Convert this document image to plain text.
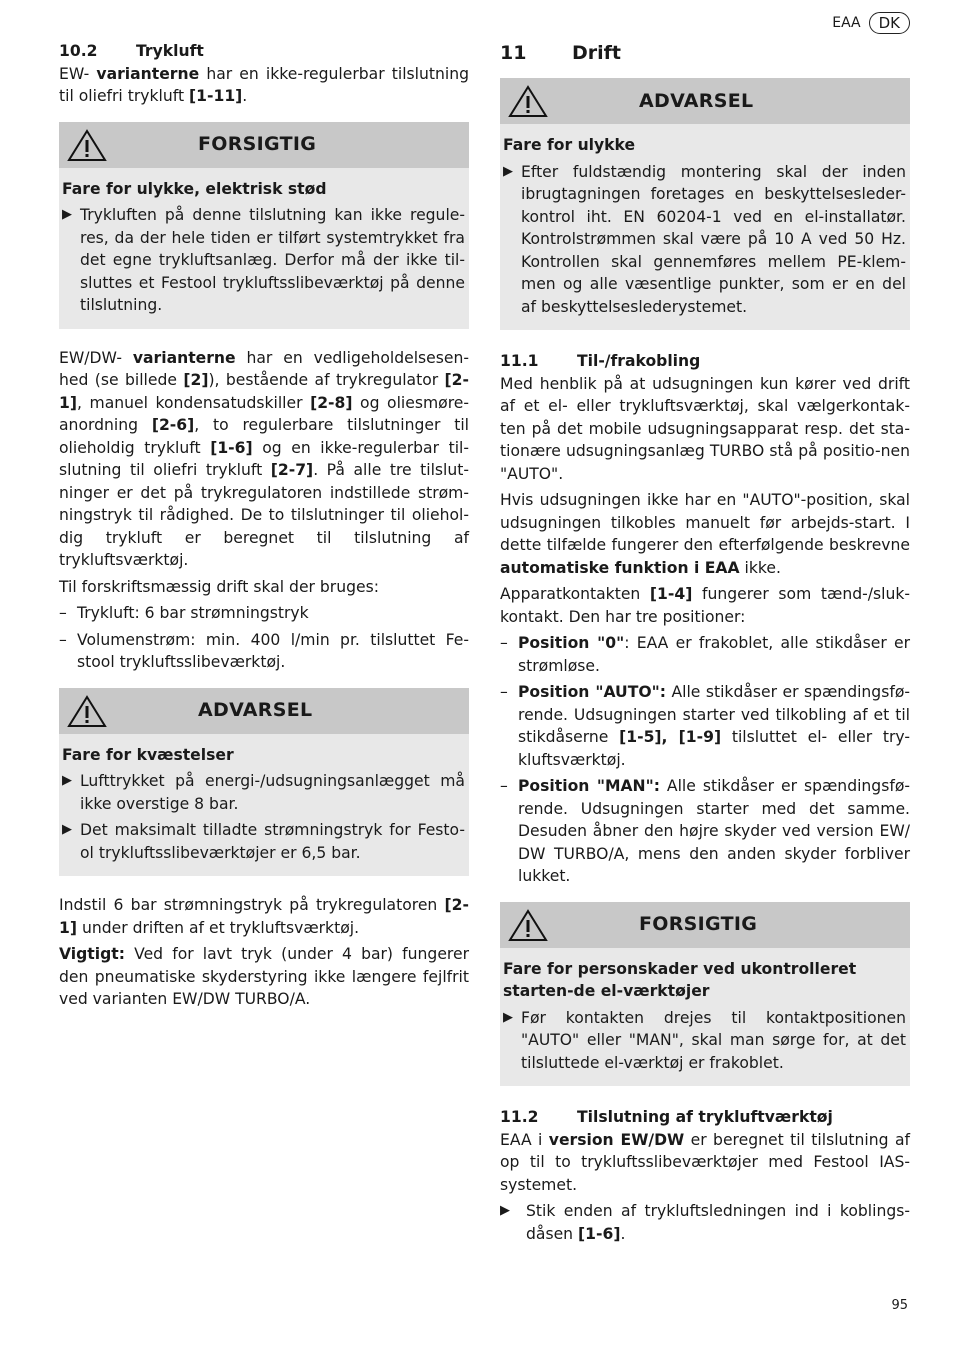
EAA	DK
10.2	Trykluft

EW- varianterne har en ikke-regulerbar tilslutning til oliefri trykluft [1-11].

FORSIGTIG
Fare for ulykke, elektrisk stød
▶ Trykluften på denne tilslutning kan ikke regule-res, da der hele tiden er tilført systemtrykket fra det egne trykluftsanlæg. Derfor må der ikke til-sluttes et Festool trykluftsslibeværktøj på denne tilslutning.

EW/DW- varianterne har en vedligeholdelsesen-hed (se billede [2]), bestående af trykregulator [2-1], manuel kondensatudskiller [2-8] og oliesmøre-anordning [2-6], to regulerbare tilslutninger til olieholdig trykluft [1-6] og en ikke-regulerbar til-slutning til oliefri trykluft [2-7]. På alle tre tilslut-ninger er det på trykregulatoren indstillede strøm-ningstryk til rådighed. De to tilslutninger til oliehol-dig trykluft er beregnet til tilslutning af trykluftsværktøj.

Til forskriftsmæssig drift skal der bruges:

– Trykluft: 6 bar strømningstryk
– Volumenstrøm: min. 400 l/min pr. tilsluttet Fe-stool trykluftsslibeværktøj.
ADVARSEL
Fare for kvæstelser
▶ Lufttrykket på energi-/udsugningsanlægget må ikke overstige 8 bar.
▶ Det maksimalt tilladte strømningstryk for Festo-ol trykluftsslibeværktøjer er 6,5 bar.

Indstil 6 bar strømningstryk på trykregulatoren [2-1] under driften af et trykluftsværktøj.

Vigtigt: Ved for lavt tryk (under 4 bar) fungerer den pneumatiske skyderstyring ikke længere fejlfrit ved varianten EW/DW TURBO/A.

11	Drift
ADVARSEL
Fare for ulykke
▶ Efter fuldstændig montering skal der inden ibrugtagningen foretages en beskyttelsesleder-kontrol iht. EN 60204-1 ved en el-installatør. Kontrolstrømmen skal være på 10 A ved 50 Hz. Kontrollen skal gennemføres mellem PE-klem-men og alle væsentlige punkter, som er en del af beskyttelseslederystemet.
11.1	Til-/frakobling

Med henblik på at udsugningen kun kører ved drift af et el- eller trykluftsværktøj, skal vælgerkontak-ten på det mobile udsugningsapparat resp. det sta-tionære udsugningsanlæg TURBO stå på positio-nen "AUTO".

Hvis udsugningen ikke har en "AUTO"-position, skal udsugningen tilkobles manuelt før arbejds-start. I dette tilfælde fungerer den efterfølgende beskrevne automatiske funktion i EAA ikke.

Apparatkontakten [1-4] fungerer som tænd-/sluk-kontakt. Den har tre positioner:

– Position "0": EAA er frakoblet, alle stikdåser er strømløse.
– Position "AUTO": Alle stikdåser er spændingsfø-rende. Udsugningen starter ved tilkobling af et til stikdåserne [1-5], [1-9] tilsluttet el- eller try-kluftsværktøj.
– Position "MAN": Alle stikdåser er spændingsfø-rende. Udsugningen starter med det samme. Desuden åbner den højre skyder ved version EW/ DW TURBO/A, mens den anden skyder forbliver lukket.
FORSIGTIG
Fare for personskader ved ukontrolleret starten-de el-værktøjer
▶ Før kontakten drejes til kontaktpositionen "AUTO" eller "MAN", skal man sørge for, at det tilsluttede el-værktøj er frakoblet.
11.2	Tilslutning af trykluftværktøj

EAA i version EW/DW er beregnet til tilslutning af op til to trykluftsslibeværktøjer med Festool IAS-systemet.

▶	Stik enden af trykluftsledningen ind i koblings-dåsen [1-6].
95
